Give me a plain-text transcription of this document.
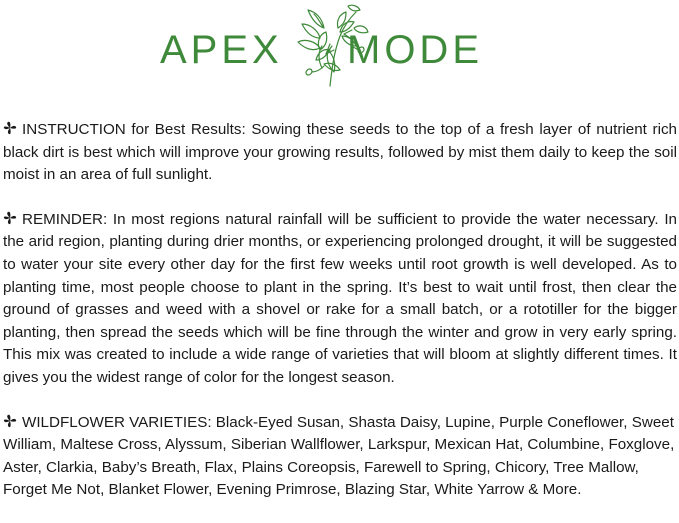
APEX MODE

INSTRUCTION for Best Results: Sowing these seeds to the top of a fresh layer of nutrient rich black dirt is best which will improve your growing results, followed by mist them daily to keep the soil moist in an area of full sunlight.

REMINDER: In most regions natural rainfall will be sufficient to provide the water necessary. In the arid region, planting during drier months, or experiencing prolonged drought, it will be suggested to water your site every other day for the first few weeks until root growth is well developed. As to planting time, most people choose to plant in the spring. It’s best to wait until frost, then clear the ground of grasses and weed with a shovel or rake for a small batch, or a rototiller for the bigger planting, then spread the seeds which will be fine through the winter and grow in very early spring. This mix was created to include a wide range of varieties that will bloom at slightly different times. It gives you the widest range of color for the longest season.

WILDFLOWER VARIETIES: Black-Eyed Susan, Shasta Daisy, Lupine, Purple Coneflower, Sweet William, Maltese Cross, Alyssum, Siberian Wallflower, Larkspur, Mexican Hat, Columbine, Foxglove, Aster, Clarkia, Baby’s Breath, Flax, Plains Coreopsis, Farewell to Spring, Chicory, Tree Mallow, Forget Me Not, Blanket Flower, Evening Primrose, Blazing Star, White Yarrow & More.
